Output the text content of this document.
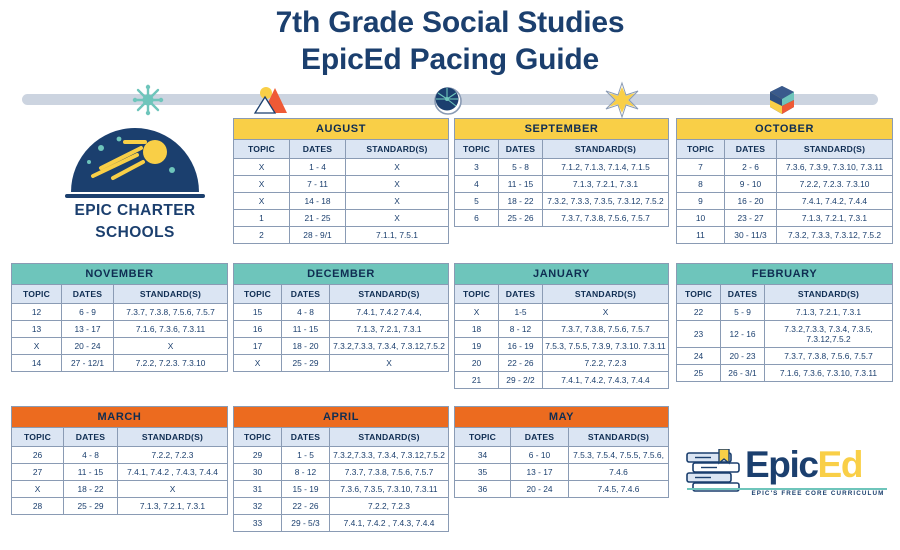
7th Grade Social Studies
EpicEd Pacing Guide
EPIC CHARTER
SCHOOLS
AUGUST		
TOPIC	DATES	STANDARD(S)
X	1 - 4	X
X	7 - 11	X
X	14 - 18	X
1	21 - 25	X
2	28 - 9/1	7.1.1, 7.5.1
SEPTEMBER		
TOPIC	DATES	STANDARD(S)
3	5 - 8	7.1.2, 7.1.3, 7.1.4, 7.1.5
4	11 - 15	7.1.3, 7.2.1, 7.3.1
5	18 - 22	7.3.2, 7.3.3, 7.3.5, 7.3.12, 7.5.2
6	25 - 26	7.3.7, 7.3.8, 7.5.6, 7.5.7
OCTOBER		
TOPIC	DATES	STANDARD(S)
7	2 - 6	7.3.6, 7.3.9, 7.3.10, 7.3.11
8	9 - 10	7.2.2, 7.2.3. 7.3.10
9	16 - 20	7.4.1, 7.4.2, 7.4.4
10	23 - 27	7.1.3, 7.2.1, 7.3.1
11	30 - 11/3	7.3.2, 7.3.3, 7.3.12, 7.5.2
NOVEMBER		
TOPIC	DATES	STANDARD(S)
12	6 - 9	7.3.7, 7.3.8, 7.5.6, 7.5.7
13	13 - 17	7.1.6, 7.3.6, 7.3.11
X	20 - 24	X
14	27 - 12/1	7.2.2, 7.2.3. 7.3.10
DECEMBER		
TOPIC	DATES	STANDARD(S)
15	4 - 8	7.4.1, 7.4.2 7.4.4,
16	11 - 15	7.1.3, 7.2.1, 7.3.1
17	18 - 20	7.3.2,7.3.3, 7.3.4, 7.3.12,7.5.2
X	25 - 29	X
JANUARY		
TOPIC	DATES	STANDARD(S)
X	1-5	X
18	8 - 12	7.3.7, 7.3.8, 7.5.6, 7.5.7
19	16 - 19	7.5.3, 7.5.5, 7.3.9, 7.3.10. 7.3.11
20	22 - 26	7.2.2, 7.2.3
21	29 - 2/2	7.4.1, 7.4.2, 7.4.3, 7.4.4
FEBRUARY		
TOPIC	DATES	STANDARD(S)
22	5 - 9	7.1.3, 7.2.1, 7.3.1
23	12 - 16	7.3.2,7.3.3, 7.3.4, 7.3.5, 7.3.12,7.5.2
24	20 - 23	7.3.7, 7.3.8, 7.5.6, 7.5.7
25	26 - 3/1	7.1.6, 7.3.6, 7.3.10, 7.3.11
MARCH		
TOPIC	DATES	STANDARD(S)
26	4 - 8	7.2.2, 7.2.3
27	11 - 15	7.4.1, 7.4.2 , 7.4.3, 7.4.4
X	18 - 22	X
28	25 - 29	7.1.3, 7.2.1, 7.3.1
APRIL		
TOPIC	DATES	STANDARD(S)
29	1 - 5	7.3.2,7.3.3, 7.3.4, 7.3.12,7.5.2
30	8 - 12	7.3.7, 7.3.8, 7.5.6, 7.5.7
31	15 - 19	7.3.6, 7.3.5, 7.3.10, 7.3.11
32	22 - 26	7.2.2, 7.2.3
33	29 - 5/3	7.4.1, 7.4.2 , 7.4.3, 7.4.4
MAY		
TOPIC	DATES	STANDARD(S)
34	6 - 10	7.5.3, 7.5.4, 7.5.5, 7.5.6,
35	13 - 17	7.4.6
36	20 - 24	7.4.5, 7.4.6
EpicEd
EPIC'S FREE CORE CURRICULUM
